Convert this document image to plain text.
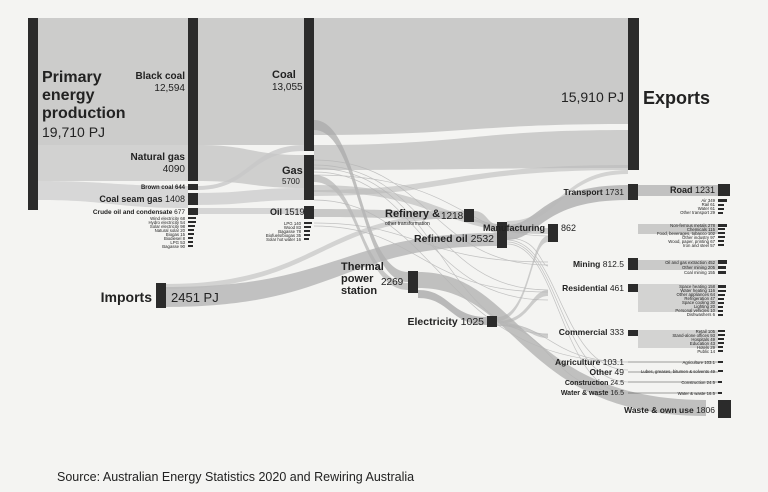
Primary
energy
production
19,710 PJ
Black coal
12,594
Natural gas
4090
Brown coal 644
Coal seam gas 1408
Crude oil and condensate 677
Wind electricity 68
Hydro electricity 54
Solar electricity 98
Natural solar 20
Biogas 15
Biodiesel 8
LPG 53
Bagasse 90
Coal
13,055
Gas
5700
Oil 1519
LPG 140
Wood 83
Bagasse 78
Biofuels/biogas 35
Solar hot water 16
15,910 PJ Exports
Imports 2451 PJ
Refinery & 1218
other transformation
Refined oil 2532
Thermal
power
station
2269
Electricity 1025
Transport 1731
Mining 812.5
Residential 461
Commercial 333
Agriculture 103.1
Other 49
Construction 24.5
Water & waste 16.5
Manufacturing 862
Road 1231
Air 349
Rail 61
Water 61
Other transport 29
Non-ferrous metals 278
Chemicals 115
Food, beverages, tobacco 102
Other industry 97
Wood, paper, printing 67
Iron and steel 57
Oil and gas extraction 452
Other mining 205
Coal mining 155
Space heating 158
Water heating 116
Other appliances 64
Refrigeration 47
Space cooling 30
Lighting 20
Personal vehicles 10
Dishwashers 6
Retail 105
Stand-alone offices 93
Hospitals 49
Education 43
Hotels 29
Public 14
Agriculture 103.1
Lubes, greases, bitumen & solvents 49
Construction 24.5
Water & waste 16.5
Waste & own use 1806
Source: Australian Energy Statistics 2020 and Rewiring Australia
